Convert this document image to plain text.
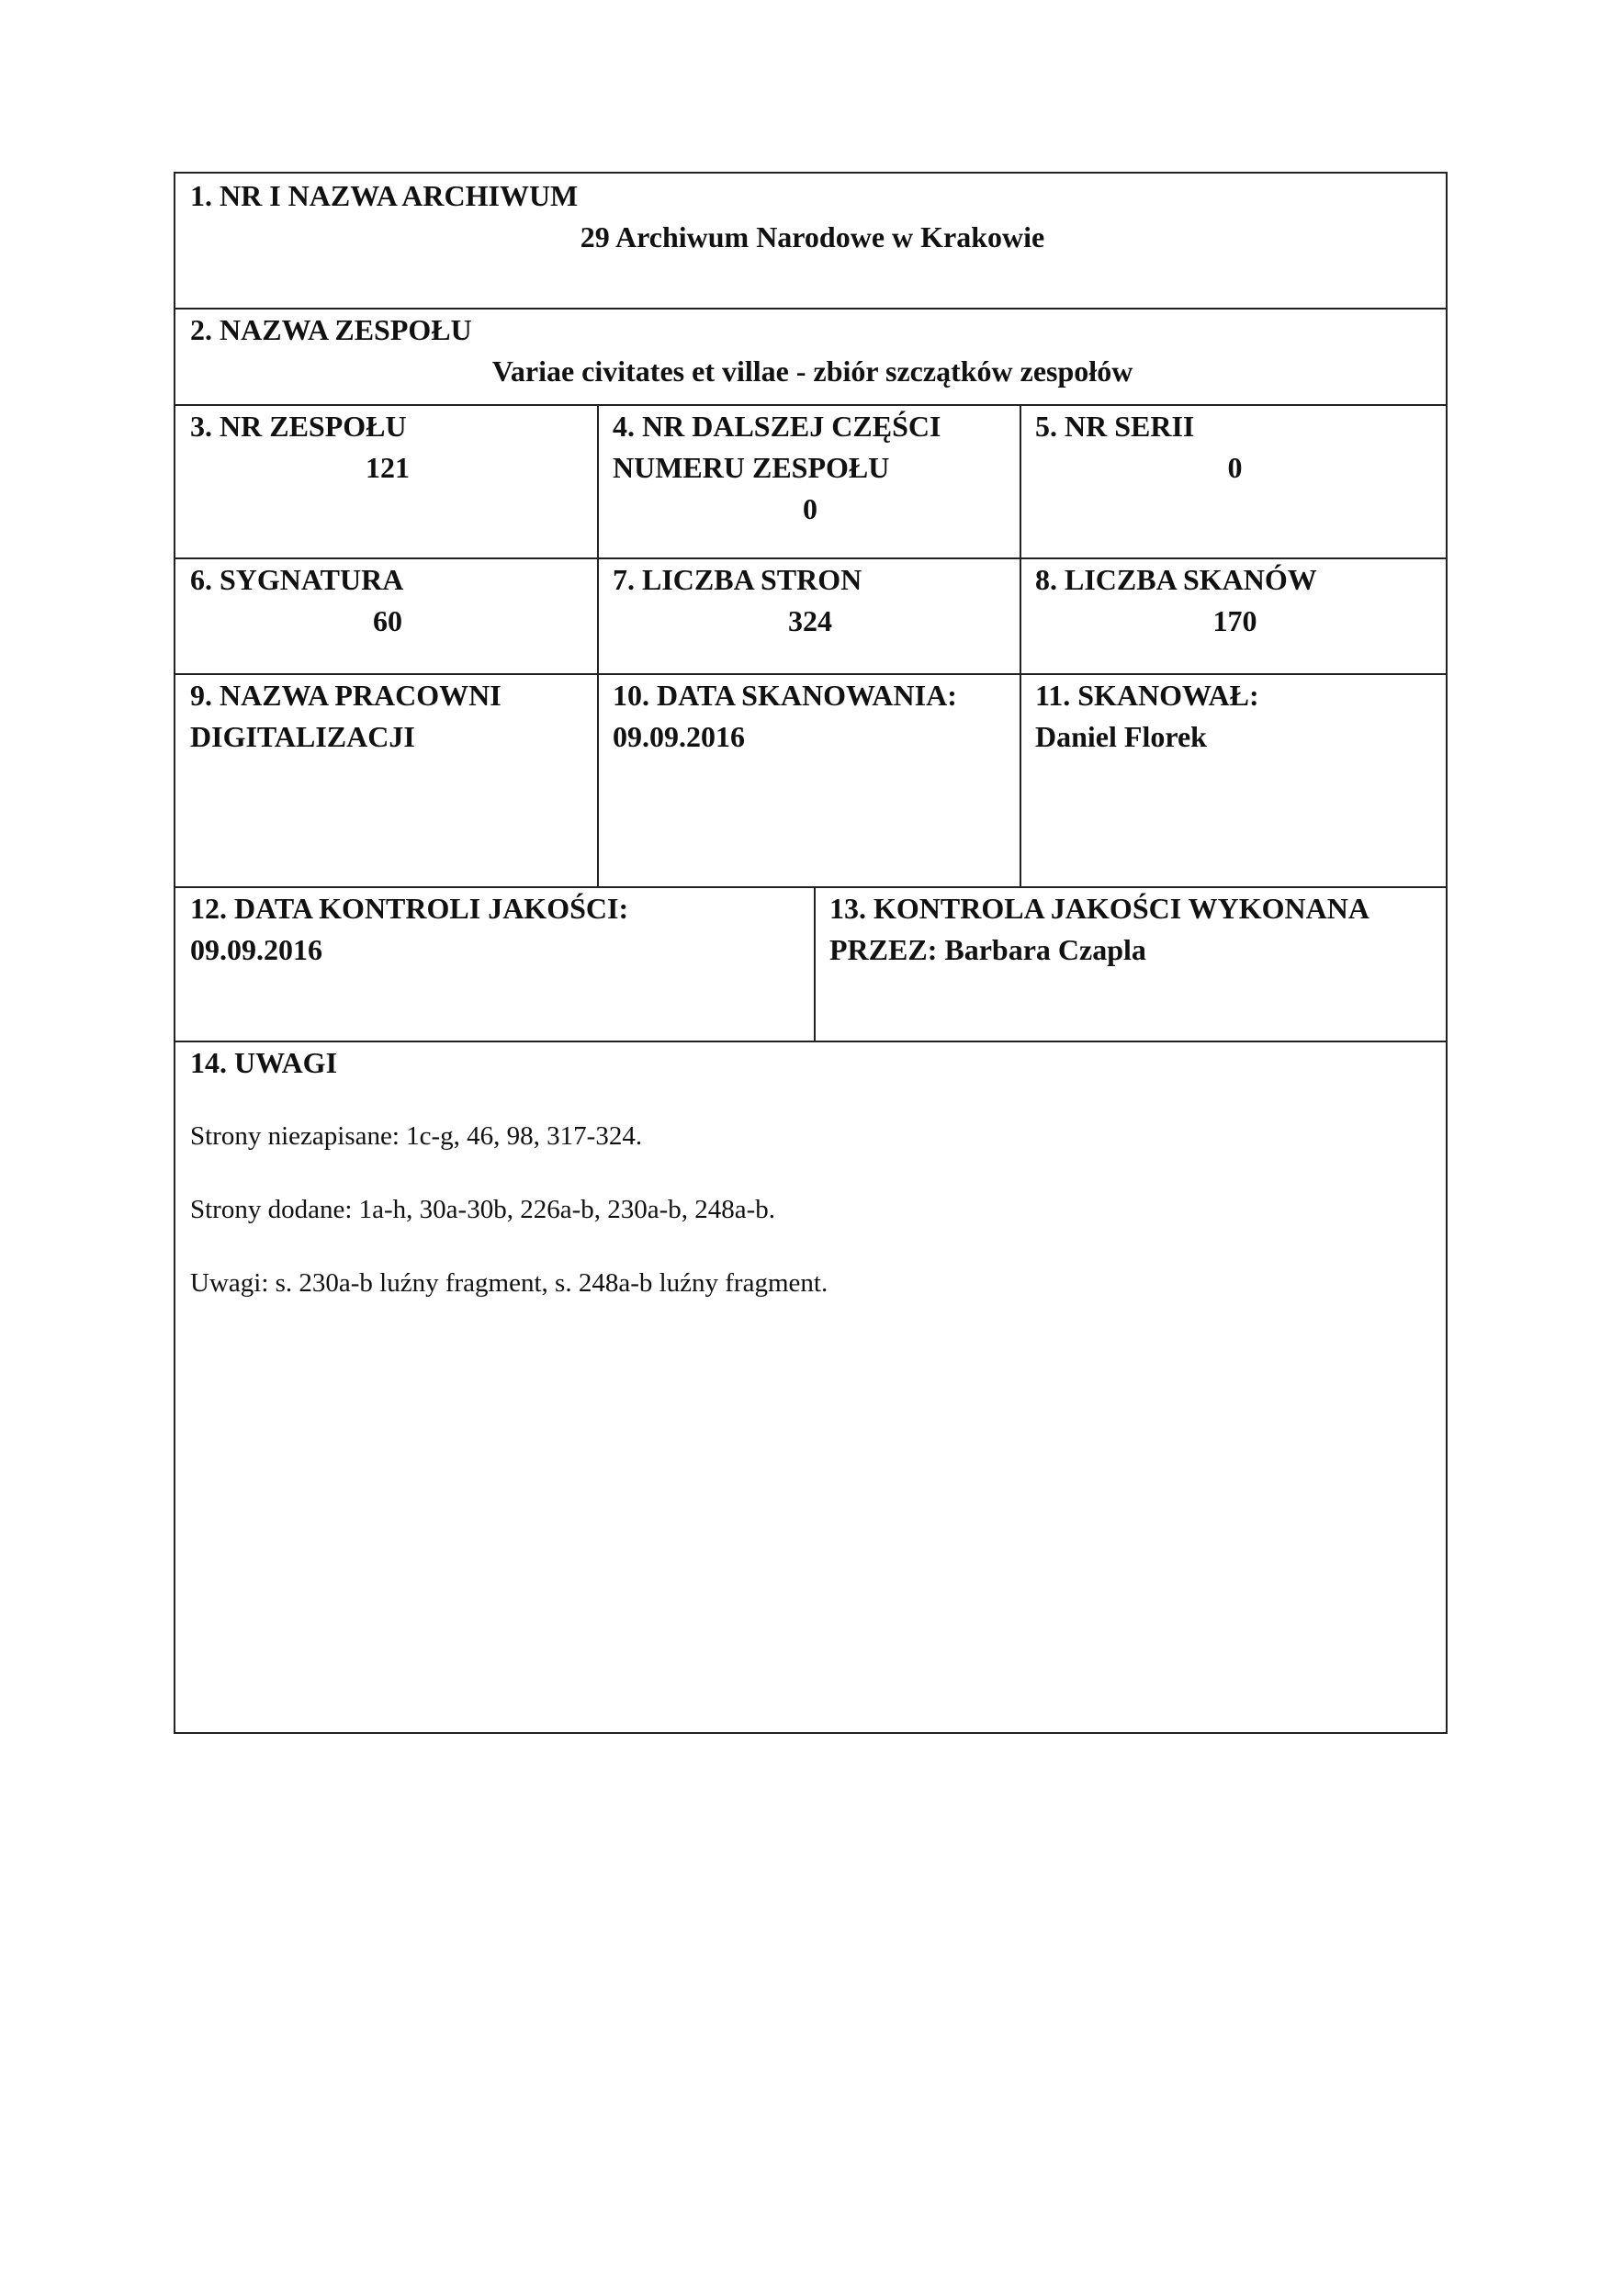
1. NR I NAZWA ARCHIWUM
29 Archiwum Narodowe w Krakowie
2. NAZWA ZESPOŁU
Variae civitates et villae - zbiór szczątków zespołów
3. NR ZESPOŁU
121
4. NR DALSZEJ CZĘŚCI
NUMERU ZESPOŁU
0
5. NR SERII
0
6. SYGNATURA
60
7. LICZBA STRON
324
8. LICZBA SKANÓW
170
9. NAZWA PRACOWNI
DIGITALIZACJI
10. DATA SKANOWANIA:
09.09.2016
11. SKANOWAŁ:
Daniel Florek
12. DATA KONTROLI JAKOŚCI:
09.09.2016
13. KONTROLA JAKOŚCI WYKONANA
PRZEZ: Barbara Czapla
14. UWAGI
Strony niezapisane: 1c-g, 46, 98, 317-324.
Strony dodane: 1a-h, 30a-30b, 226a-b, 230a-b, 248a-b.
Uwagi: s. 230a-b luźny fragment, s. 248a-b luźny fragment.
